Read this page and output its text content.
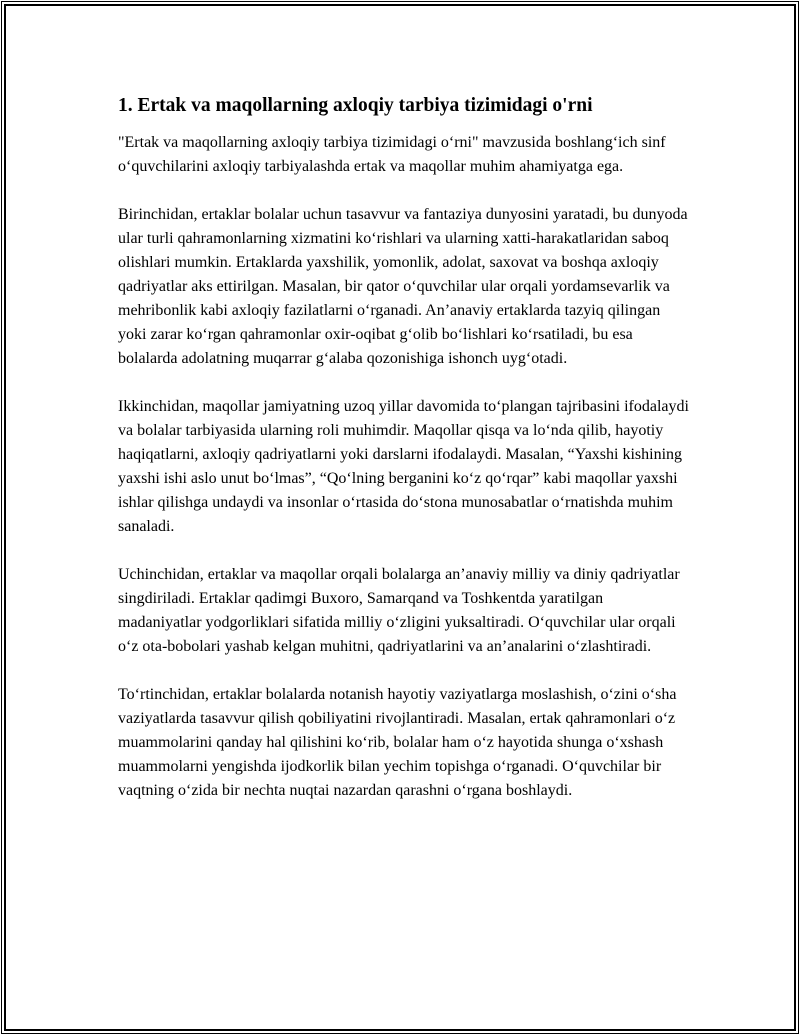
1. Ertak va maqollarning axloqiy tarbiya tizimidagi o'rni

"Ertak va maqollarning axloqiy tarbiya tizimidagi o‘rni" mavzusida boshlang‘ich sinf o‘quvchilarini axloqiy tarbiyalashda ertak va maqollar muhim ahamiyatga ega.

Birinchidan, ertaklar bolalar uchun tasavvur va fantaziya dunyosini yaratadi, bu dunyoda ular turli qahramonlarning xizmatini ko‘rishlari va ularning xatti-harakatlaridan saboq olishlari mumkin. Ertaklarda yaxshilik, yomonlik, adolat, saxovat va boshqa axloqiy qadriyatlar aks ettirilgan. Masalan, bir qator o‘quvchilar ular orqali yordamsevarlik va mehribonlik kabi axloqiy fazilatlarni o‘rganadi. An’anaviy ertaklarda tazyiq qilingan yoki zarar ko‘rgan qahramonlar oxir-oqibat g‘olib bo‘lishlari ko‘rsatiladi, bu esa bolalarda adolatning muqarrar g‘alaba qozonishiga ishonch uyg‘otadi.

Ikkinchidan, maqollar jamiyatning uzoq yillar davomida to‘plangan tajribasini ifodalaydi va bolalar tarbiyasida ularning roli muhimdir. Maqollar qisqa va lo‘nda qilib, hayotiy haqiqatlarni, axloqiy qadriyatlarni yoki darslarni ifodalaydi. Masalan, “Yaxshi kishining yaxshi ishi aslo unut bo‘lmas”, “Qo‘lning berganini ko‘z qo‘rqar” kabi maqollar yaxshi ishlar qilishga undaydi va insonlar o‘rtasida do‘stona munosabatlar o‘rnatishda muhim sanaladi.

Uchinchidan, ertaklar va maqollar orqali bolalarga an’anaviy milliy va diniy qadriyatlar singdiriladi. Ertaklar qadimgi Buxoro, Samarqand va Toshkentda yaratilgan madaniyatlar yodgorliklari sifatida milliy o‘zligini yuksaltiradi. O‘quvchilar ular orqali o‘z ota-bobolari yashab kelgan muhitni, qadriyatlarini va an’analarini o‘zlashtiradi.

To‘rtinchidan, ertaklar bolalarda notanish hayotiy vaziyatlarga moslashish, o‘zini o‘sha vaziyatlarda tasavvur qilish qobiliyatini rivojlantiradi. Masalan, ertak qahramonlari o‘z muammolarini qanday hal qilishini ko‘rib, bolalar ham o‘z hayotida shunga o‘xshash muammolarni yengishda ijodkorlik bilan yechim topishga o‘rganadi. O‘quvchilar bir vaqtning o‘zida bir nechta nuqtai nazardan qarashni o‘rgana boshlaydi.
